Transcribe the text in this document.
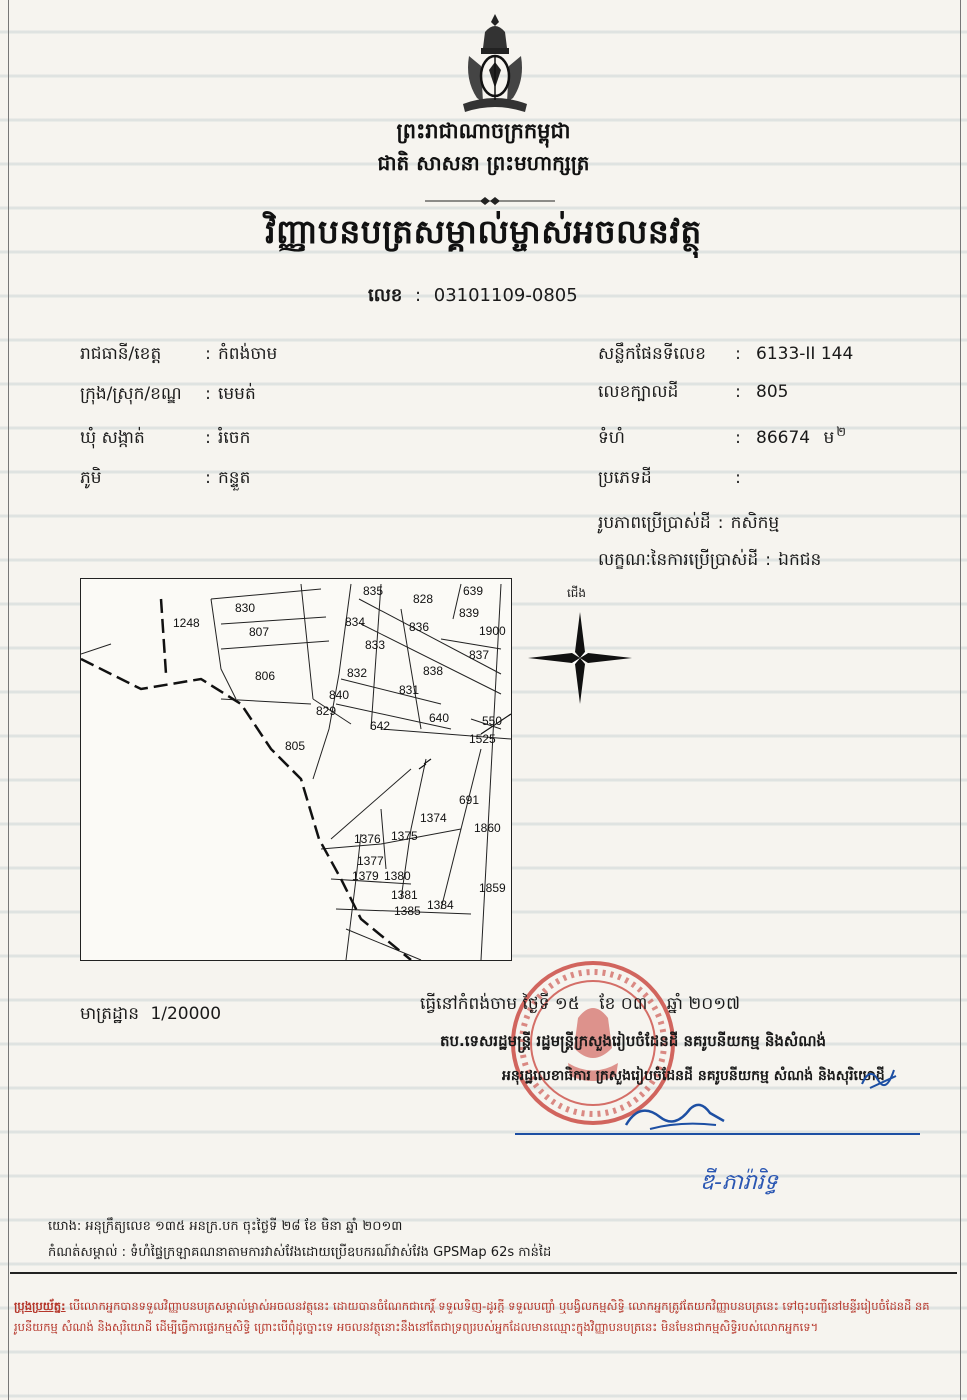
ព្រះរាជាណាចក្រកម្ពុជា
ជាតិ សាសនា ព្រះមហាក្សត្រ
វិញ្ញាបនបត្រសម្គាល់ម្ចាស់អចលនវត្ថុ
លេខ : 03101109-0805
រាជធានី/ខេត្ត	: កំពង់ចាម
ក្រុង/ស្រុក/ខណ្ឌ : មេមត់
ឃុំ សង្កាត់	: រំចេក
ភូមិ	: កន្ទួត
សន្លឹកផែនទីលេខ : 6133-II 144
លេខក្បាលដី	: 805
ទំហំ	: 86674 ម $^២$
ប្រភេទដី	:
រូបភាពប្រើប្រាស់ដី : កសិកម្ម
លក្ខណៈនៃការប្រើប្រាស់ដី : ឯកជន
835
828
639
830	839
1248	834	836	1900
807
833
837
832	838
806
831
840
829
642
640	550
1525
805
691
1374
1860
1376 1375
1377
1379 1380
1859
1381
1385 1384
ជើង
មាត្រដ្ឋាន 1/20000	ធ្វើនៅកំពង់ចាម ថ្ងៃទី ១៥ ខែ ០៣ ឆ្នាំ ២០១៧
តប.ទេសរដ្ឋមន្ត្រី រដ្ឋមន្ត្រីក្រសួងរៀបចំដែនដី នគរូបនីយកម្ម និងសំណង់
អនុរដ្ឋលេខាធិការ ក្រសួងរៀបចំដែនដី នគរូបនីយកម្ម សំណង់ និងសុរិយោដី
ឌី-ភារ៉ារិទ្ធ
យោង: អនុក្រឹត្យលេខ ១៣៥ អនក្រ.បក ចុះថ្ងៃទី ២៨ ខែ មិនា ឆ្នាំ ២០១៣
កំណត់សម្គាល់ : ទំហំផ្ទៃក្រឡាគណនាតាមការវាស់វែងដោយប្រើឧបករណ៍វាស់វែង GPSMap 62s កាន់ដៃ
ប្រុងប្រយ័ត្ន: បើលោកអ្នកបានទទួលវិញ្ញាបនបត្រសម្គាល់ម្ចាស់អចលនវត្ថុនេះ ដោយបានចំណែកជាកេរ្តិ៍ ទទួលទិញ-ដូរក្តី ទទួលបញ្ចាំ ឬបង្វិលកម្មសិទ្ធិ លោកអ្នកត្រូវតែយកវិញ្ញាបនបត្រនេះ ទៅចុះបញ្ជីនៅមន្ទីររៀបចំដែនដី នគរូបនីយកម្ម សំណង់ និងសុរិយោដី ដើម្បីធ្វើការផ្ទេរកម្មសិទ្ធិ ព្រោះបើពុំដូច្នោះទេ អចលនវត្ថុនោះនឹងនៅតែជាទ្រព្យរបស់អ្នកដែលមានឈ្មោះក្នុងវិញ្ញាបនបត្រនេះ មិនមែនជាកម្មសិទ្ធិរបស់លោកអ្នកទេ។
